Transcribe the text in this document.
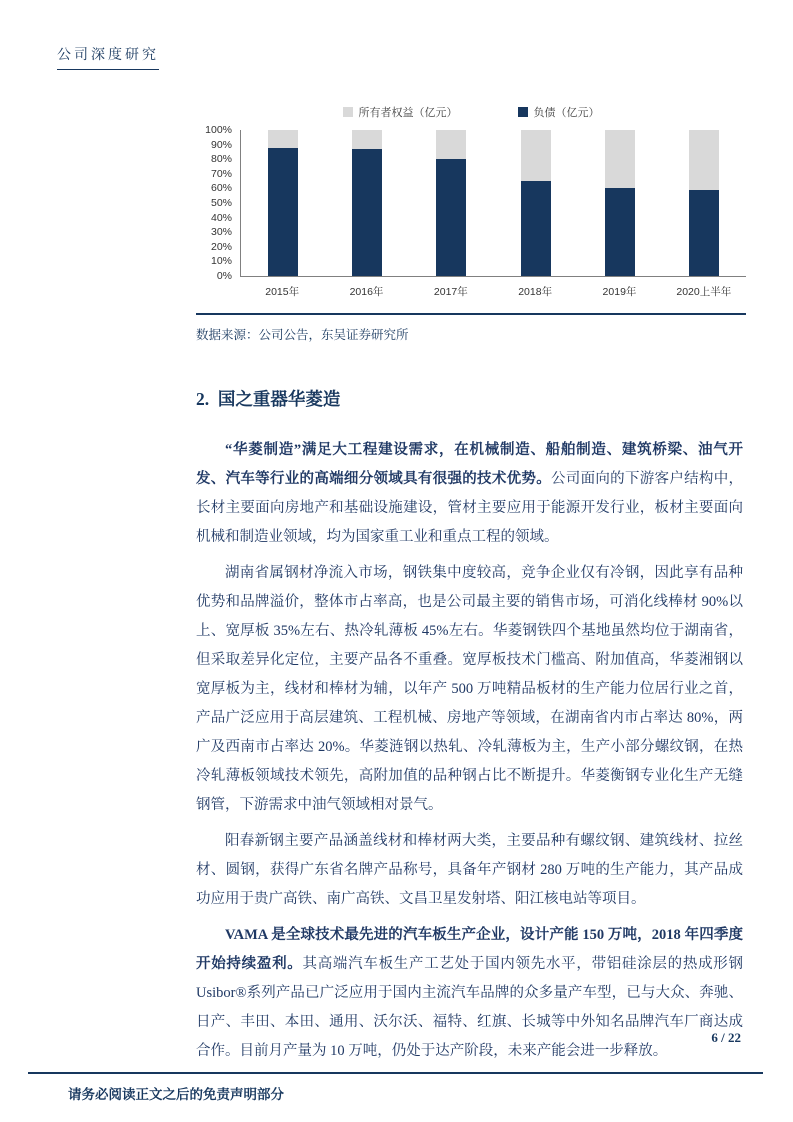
公司深度研究
所有者权益（亿元）	负债（亿元）
0%
10%
20%
30%
40%
50%
60%
70%
80%
90%
100%
2015年	2016年	2017年	2018年	2019年	2020上半年
数据来源：公司公告，东吴证券研究所
2.  国之重器华菱造

“华菱制造”满足大工程建设需求，在机械制造、船舶制造、建筑桥梁、油气开发、汽车等行业的高端细分领域具有很强的技术优势。公司面向的下游客户结构中，长材主要面向房地产和基础设施建设，管材主要应用于能源开发行业，板材主要面向机械和制造业领域，均为国家重工业和重点工程的领域。

湖南省属钢材净流入市场，钢铁集中度较高，竞争企业仅有冷钢，因此享有品种优势和品牌溢价，整体市占率高，也是公司最主要的销售市场，可消化线棒材 90%以上、宽厚板 35%左右、热冷轧薄板 45%左右。华菱钢铁四个基地虽然均位于湖南省，但采取差异化定位，主要产品各不重叠。宽厚板技术门槛高、附加值高，华菱湘钢以宽厚板为主，线材和棒材为辅，以年产 500 万吨精品板材的生产能力位居行业之首，产品广泛应用于高层建筑、工程机械、房地产等领域，在湖南省内市占率达 80%，两广及西南市占率达 20%。华菱涟钢以热轧、冷轧薄板为主，生产小部分螺纹钢，在热冷轧薄板领域技术领先，高附加值的品种钢占比不断提升。华菱衡钢专业化生产无缝钢管，下游需求中油气领域相对景气。

阳春新钢主要产品涵盖线材和棒材两大类，主要品种有螺纹钢、建筑线材、拉丝材、圆钢，获得广东省名牌产品称号，具备年产钢材 280 万吨的生产能力，其产品成功应用于贵广高铁、南广高铁、文昌卫星发射塔、阳江核电站等项目。

VAMA 是全球技术最先进的汽车板生产企业，设计产能 150 万吨，2018 年四季度开始持续盈利。其高端汽车板生产工艺处于国内领先水平，带铝硅涂层的热成形钢 Usibor®系列产品已广泛应用于国内主流汽车品牌的众多量产车型，已与大众、奔驰、日产、丰田、本田、通用、沃尔沃、福特、红旗、长城等中外知名品牌汽车厂商达成合作。目前月产量为 10 万吨，仍处于达产阶段，未来产能会进一步释放。

6 / 22
请务必阅读正文之后的免责声明部分
